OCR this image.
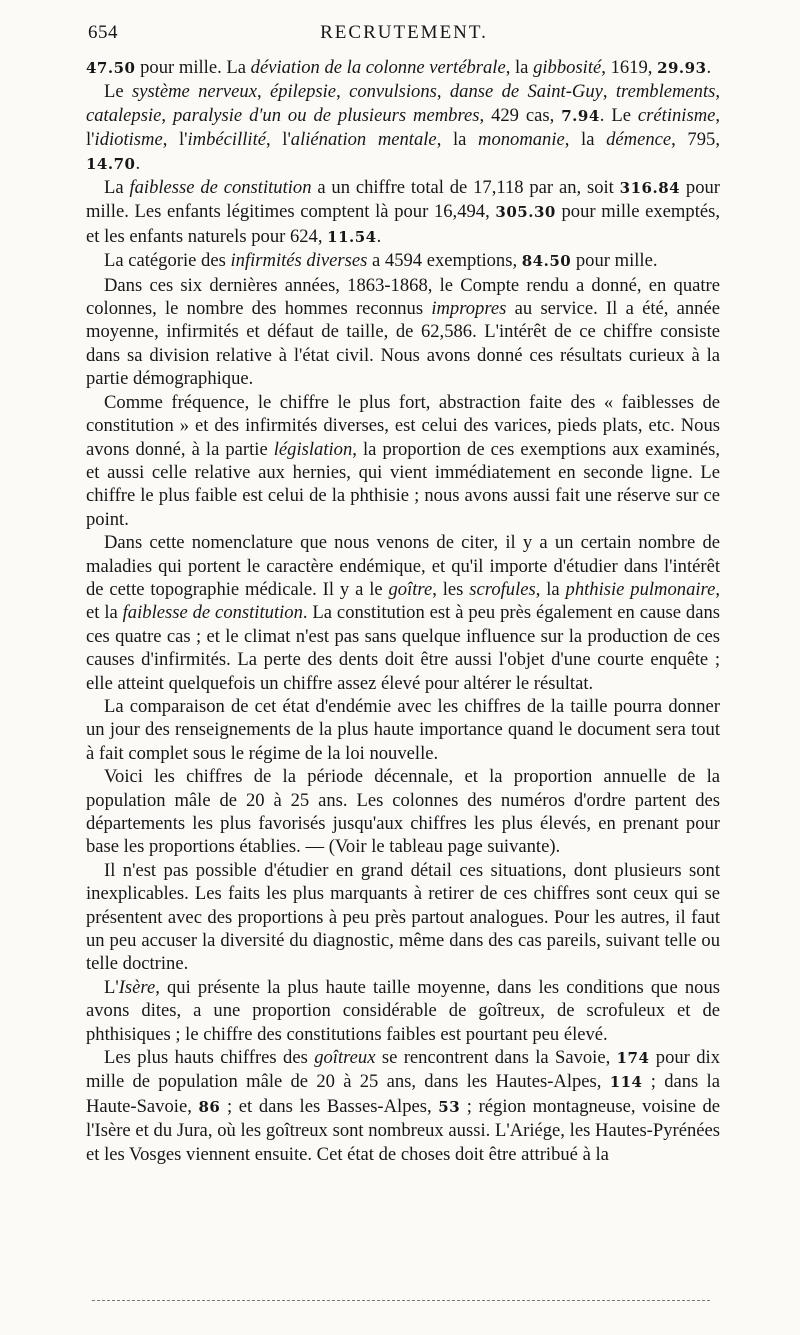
654	RECRUTEMENT.

47.50 pour mille. La déviation de la colonne vertébrale, la gibbosité, 1619, 29.93.

Le système nerveux, épilepsie, convulsions, danse de Saint-Guy, tremblements, catalepsie, paralysie d'un ou de plusieurs membres, 429 cas, 7.94. Le crétinisme, l'idiotisme, l'imbécillité, l'aliénation mentale, la monomanie, la démence, 795, 14.70.

La faiblesse de constitution a un chiffre total de 17,118 par an, soit 316.84 pour mille. Les enfants légitimes comptent là pour 16,494, 305.30 pour mille exemptés, et les enfants naturels pour 624, 11.54.

La catégorie des infirmités diverses a 4594 exemptions, 84.50 pour mille.

Dans ces six dernières années, 1863-1868, le Compte rendu a donné, en quatre colonnes, le nombre des hommes reconnus impropres au service. Il a été, année moyenne, infirmités et défaut de taille, de 62,586. L'intérêt de ce chiffre consiste dans sa division relative à l'état civil. Nous avons donné ces résultats curieux à la partie démographique.

Comme fréquence, le chiffre le plus fort, abstraction faite des « faiblesses de constitution » et des infirmités diverses, est celui des varices, pieds plats, etc. Nous avons donné, à la partie législation, la proportion de ces exemptions aux examinés, et aussi celle relative aux hernies, qui vient immédiatement en seconde ligne. Le chiffre le plus faible est celui de la phthisie ; nous avons aussi fait une réserve sur ce point.

Dans cette nomenclature que nous venons de citer, il y a un certain nombre de maladies qui portent le caractère endémique, et qu'il importe d'étudier dans l'intérêt de cette topographie médicale. Il y a le goître, les scrofules, la phthisie pulmonaire, et la faiblesse de constitution. La constitution est à peu près également en cause dans ces quatre cas ; et le climat n'est pas sans quelque influence sur la production de ces causes d'infirmités. La perte des dents doit être aussi l'objet d'une courte enquête ; elle atteint quelquefois un chiffre assez élevé pour altérer le résultat.

La comparaison de cet état d'endémie avec les chiffres de la taille pourra donner un jour des renseignements de la plus haute importance quand le document sera tout à fait complet sous le régime de la loi nouvelle.

Voici les chiffres de la période décennale, et la proportion annuelle de la population mâle de 20 à 25 ans. Les colonnes des numéros d'ordre partent des départements les plus favorisés jusqu'aux chiffres les plus élevés, en prenant pour base les proportions établies. — (Voir le tableau page suivante).

Il n'est pas possible d'étudier en grand détail ces situations, dont plusieurs sont inexplicables. Les faits les plus marquants à retirer de ces chiffres sont ceux qui se présentent avec des proportions à peu près partout analogues. Pour les autres, il faut un peu accuser la diversité du diagnostic, même dans des cas pareils, suivant telle ou telle doctrine.

L'Isère, qui présente la plus haute taille moyenne, dans les conditions que nous avons dites, a une proportion considérable de goîtreux, de scrofuleux et de phthisiques ; le chiffre des constitutions faibles est pourtant peu élevé.

Les plus hauts chiffres des goîtreux se rencontrent dans la Savoie, 174 pour dix mille de population mâle de 20 à 25 ans, dans les Hautes-Alpes, 114 ; dans la Haute-Savoie, 86 ; et dans les Basses-Alpes, 53 ; région montagneuse, voisine de l'Isère et du Jura, où les goîtreux sont nombreux aussi. L'Ariége, les Hautes-Pyrénées et les Vosges viennent ensuite. Cet état de choses doit être attribué à la
